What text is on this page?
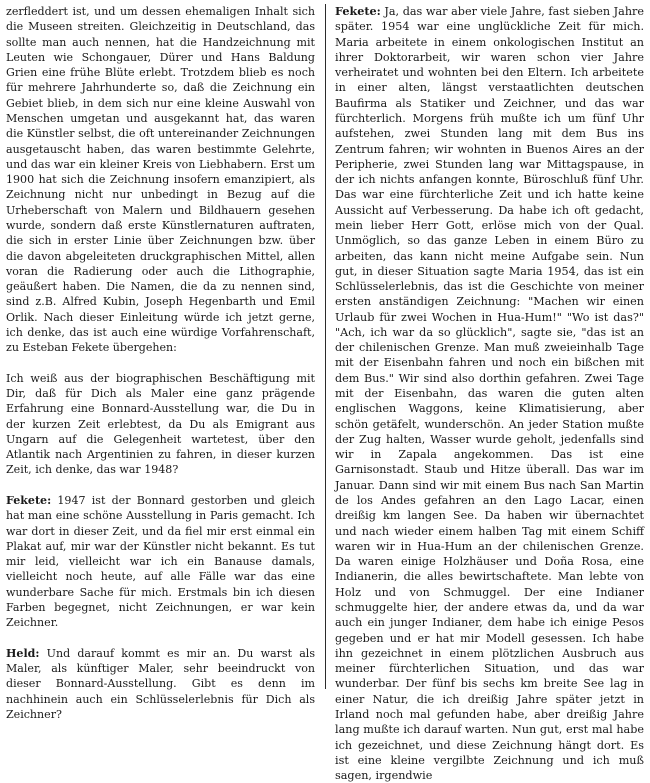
zerfleddert ist, und um dessen ehemaligen Inhalt sich die Museen streiten. Gleichzeitig in Deutschland, das sollte man auch nennen, hat die Handzeichnung mit Leuten wie Schongauer, Dürer und Hans Baldung Grien eine frühe Blüte erlebt. Trotzdem blieb es noch für mehrere Jahrhunderte so, daß die Zeichnung ein Gebiet blieb, in dem sich nur eine kleine Auswahl von Menschen umgetan und ausgekannt hat, das waren die Künstler selbst, die oft untereinander Zeichnungen ausgetauscht haben, das waren bestimmte Gelehrte, und das war ein kleiner Kreis von Liebhabern. Erst um 1900 hat sich die Zeichnung insofern emanzipiert, als Zeichnung nicht nur unbedingt in Bezug auf die Urheberschaft von Malern und Bildhauern gesehen wurde, sondern daß erste Künstlernaturen auftraten, die sich in erster Linie über Zeichnungen bzw. über die davon abgeleiteten druckgraphischen Mittel, allen voran die Radierung oder auch die Lithographie, geäußert haben. Die Namen, die da zu nennen sind, sind z.B. Alfred Kubin, Joseph Hegenbarth und Emil Orlik. Nach dieser Einleitung würde ich jetzt gerne, ich denke, das ist auch eine würdige Vorfahrenschaft, zu Esteban Fekete übergehen:

Ich weiß aus der biographischen Beschäftigung mit Dir, daß für Dich als Maler eine ganz prägende Erfahrung eine Bonnard-Ausstellung war, die Du in der kurzen Zeit erlebtest, da Du als Emigrant aus Ungarn auf die Gelegenheit wartetest, über den Atlantik nach Argentinien zu fahren, in dieser kurzen Zeit, ich denke, das war 1948?

Fekete: 1947 ist der Bonnard gestorben und gleich hat man eine schöne Ausstellung in Paris gemacht. Ich war dort in dieser Zeit, und da fiel mir erst einmal ein Plakat auf, mir war der Künstler nicht bekannt. Es tut mir leid, vielleicht war ich ein Banause damals, vielleicht noch heute, auf alle Fälle war das eine wunderbare Sache für mich. Erstmals bin ich diesen Farben begegnet, nicht Zeichnungen, er war kein Zeichner.

Held: Und darauf kommt es mir an. Du warst als Maler, als künftiger Maler, sehr beeindruckt von dieser Bonnard-Ausstellung. Gibt es denn im nachhinein auch ein Schlüsselerlebnis für Dich als Zeichner?

Fekete: Ja, das war aber viele Jahre, fast sieben Jahre später. 1954 war eine unglückliche Zeit für mich. Maria arbeitete in einem onkologischen Institut an ihrer Doktorarbeit, wir waren schon vier Jahre verheiratet und wohnten bei den Eltern. Ich arbeitete in einer alten, längst verstaatlichten deutschen Baufirma als Statiker und Zeichner, und das war fürchterlich. Morgens früh mußte ich um fünf Uhr aufstehen, zwei Stunden lang mit dem Bus ins Zentrum fahren; wir wohnten in Buenos Aires an der Peripherie, zwei Stunden lang war Mittagspause, in der ich nichts anfangen konnte, Büroschluß fünf Uhr. Das war eine fürchterliche Zeit und ich hatte keine Aussicht auf Verbesserung. Da habe ich oft gedacht, mein lieber Herr Gott, erlöse mich von der Qual. Unmöglich, so das ganze Leben in einem Büro zu arbeiten, das kann nicht meine Aufgabe sein. Nun gut, in dieser Situation sagte Maria 1954, das ist ein Schlüsselerlebnis, das ist die Geschichte von meiner ersten anständigen Zeichnung: "Machen wir einen Urlaub für zwei Wochen in Hua-Hum!" "Wo ist das?" "Ach, ich war da so glücklich", sagte sie, "das ist an der chilenischen Grenze. Man muß zweieinhalb Tage mit der Eisenbahn fahren und noch ein bißchen mit dem Bus." Wir sind also dorthin gefahren. Zwei Tage mit der Eisenbahn, das waren die guten alten englischen Waggons, keine Klimatisierung, aber schön getäfelt, wunderschön. An jeder Station mußte der Zug halten, Wasser wurde geholt, jedenfalls sind wir in Zapala angekommen. Das ist eine Garnisonstadt. Staub und Hitze überall. Das war im Januar. Dann sind wir mit einem Bus nach San Martin de los Andes gefahren an den Lago Lacar, einen dreißig km langen See. Da haben wir übernachtet und nach wieder einem halben Tag mit einem Schiff waren wir in Hua-Hum an der chilenischen Grenze. Da waren einige Holzhäuser und Doña Rosa, eine Indianerin, die alles bewirtschaftete. Man lebte von Holz und von Schmuggel. Der eine Indianer schmuggelte hier, der andere etwas da, und da war auch ein junger Indianer, dem habe ich einige Pesos gegeben und er hat mir Modell gesessen. Ich habe ihn gezeichnet in einem plötzlichen Ausbruch aus meiner fürchterlichen Situation, und das war wunderbar. Der fünf bis sechs km breite See lag in einer Natur, die ich dreißig Jahre später jetzt in Irland noch mal gefunden habe, aber dreißig Jahre lang mußte ich darauf warten. Nun gut, erst mal habe ich gezeichnet, und diese Zeichnung hängt dort. Es ist eine kleine vergilbte Zeichnung und ich muß sagen, irgendwie
